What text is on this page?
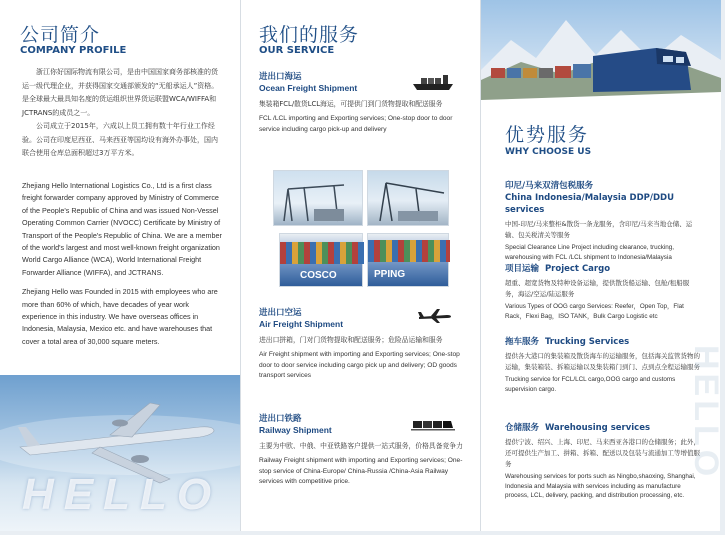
公司简介
COMPANY PROFILE

浙江你好国际物流有限公司，是由中国国家商务部核准的货运一级代理企业，并获得国家交通部颁发的“无船承运人”资格。是全球最大最具知名度的货运组织世界货运联盟WCA/WIFFA和JCTRANS的成员之一。

公司成立于2015年，六成以上员工拥有数十年行业工作经验。公司在印度尼西亚、马来西亚等国均设有海外办事处，国内联合使用仓库总面积超过3万平方米。

Zhejiang Hello International Logistics Co., Ltd is a first class freight forwarder company approved by Ministry of Commerce of the People's Republic of China and was issued Non-Vessel Operating Common Carrier (NVOCC) Certificate by Ministry of Transport of the People's Republic of China. We are a member of the world's largest and most well-known freight organization World Cargo Alliance (WCA), World International Freight Forwarder Alliance (WIFFA), and JCTRANS.

Zhejiang Hello was Founded in 2015 with employees who are more than 60% of which, have decades of year work experience in this industry. We have overseas offices in Indonesia, Malaysia, Mexico etc. and have warehouses that cover a total area of 30,000 square meters.

HELLO
我们的服务
OUR SERVICE
进出口海运
Ocean Freight Shipment
集装箱FCL/散货LCL海运，可提供门到门货物提取和配送服务
FCL /LCL importing and Exporting services; One-stop door to door service including cargo pick-up and delivery
COSCO	PPING
进出口空运
Air Freight Shipment
进出口拼箱，门对门货物提取和配送服务；危险品运输和服务
Air Freight shipment with importing and Exporting services; One-stop door to door service including cargo pick up and delivery; OD goods transport services
进出口铁路
Railway Shipment
主要为中欧、中俄、中亚铁路客户提供一站式服务，价格具备竞争力
Railway Freight shipment with importing and Exporting services; One-stop service of China-Europe/ China-Russia /China-Asia Railway services with competitive price.
优势服务
WHY CHOOSE US
印尼/马来双清包税服务
China Indonesia/Malaysia DDP/DDU services
中国-印尼/马来整柜&散货一条龙服务，含印尼/马来当地仓储、运输、包关税清关等服务
Special Clearance Line Project including clearance, trucking, warehousing with FCL /LCL shipment to Indonesia/Malaysia
项目运输 Project Cargo
超重、超宽货物及特种设备运输，提供散货船运输、包舱/租船服务，海运/空运/陆运服务
Various Types of OOG cargo Services: Reefer，Open Top，Flat Rack，Flexi Bag，ISO TANK，Bulk Cargo Logistic etc
拖车服务 Trucking Services
提供各大港口的集装箱及散货海车的运输服务，包括海关监管货物的运输，集装箱装、拆箱运输以及集装箱门到门、点到点全程运输服务
Trucking service for FCL/LCL cargo,OOG cargo and customs supervision cargo.
仓储服务 Warehousing services
提供宁波、绍兴、上海、印尼、马来西亚各港口的仓储服务；此外，还可提供生产加工、拼箱、拆箱、配送以及包装与流通加工等增值服务
Warehousing services for ports such as Ningbo,shaoxing, Shanghai, Indonesia and Malaysia with services including as manufacture process, LCL, delivery, packing, and distribution processing, etc.
HELLO
